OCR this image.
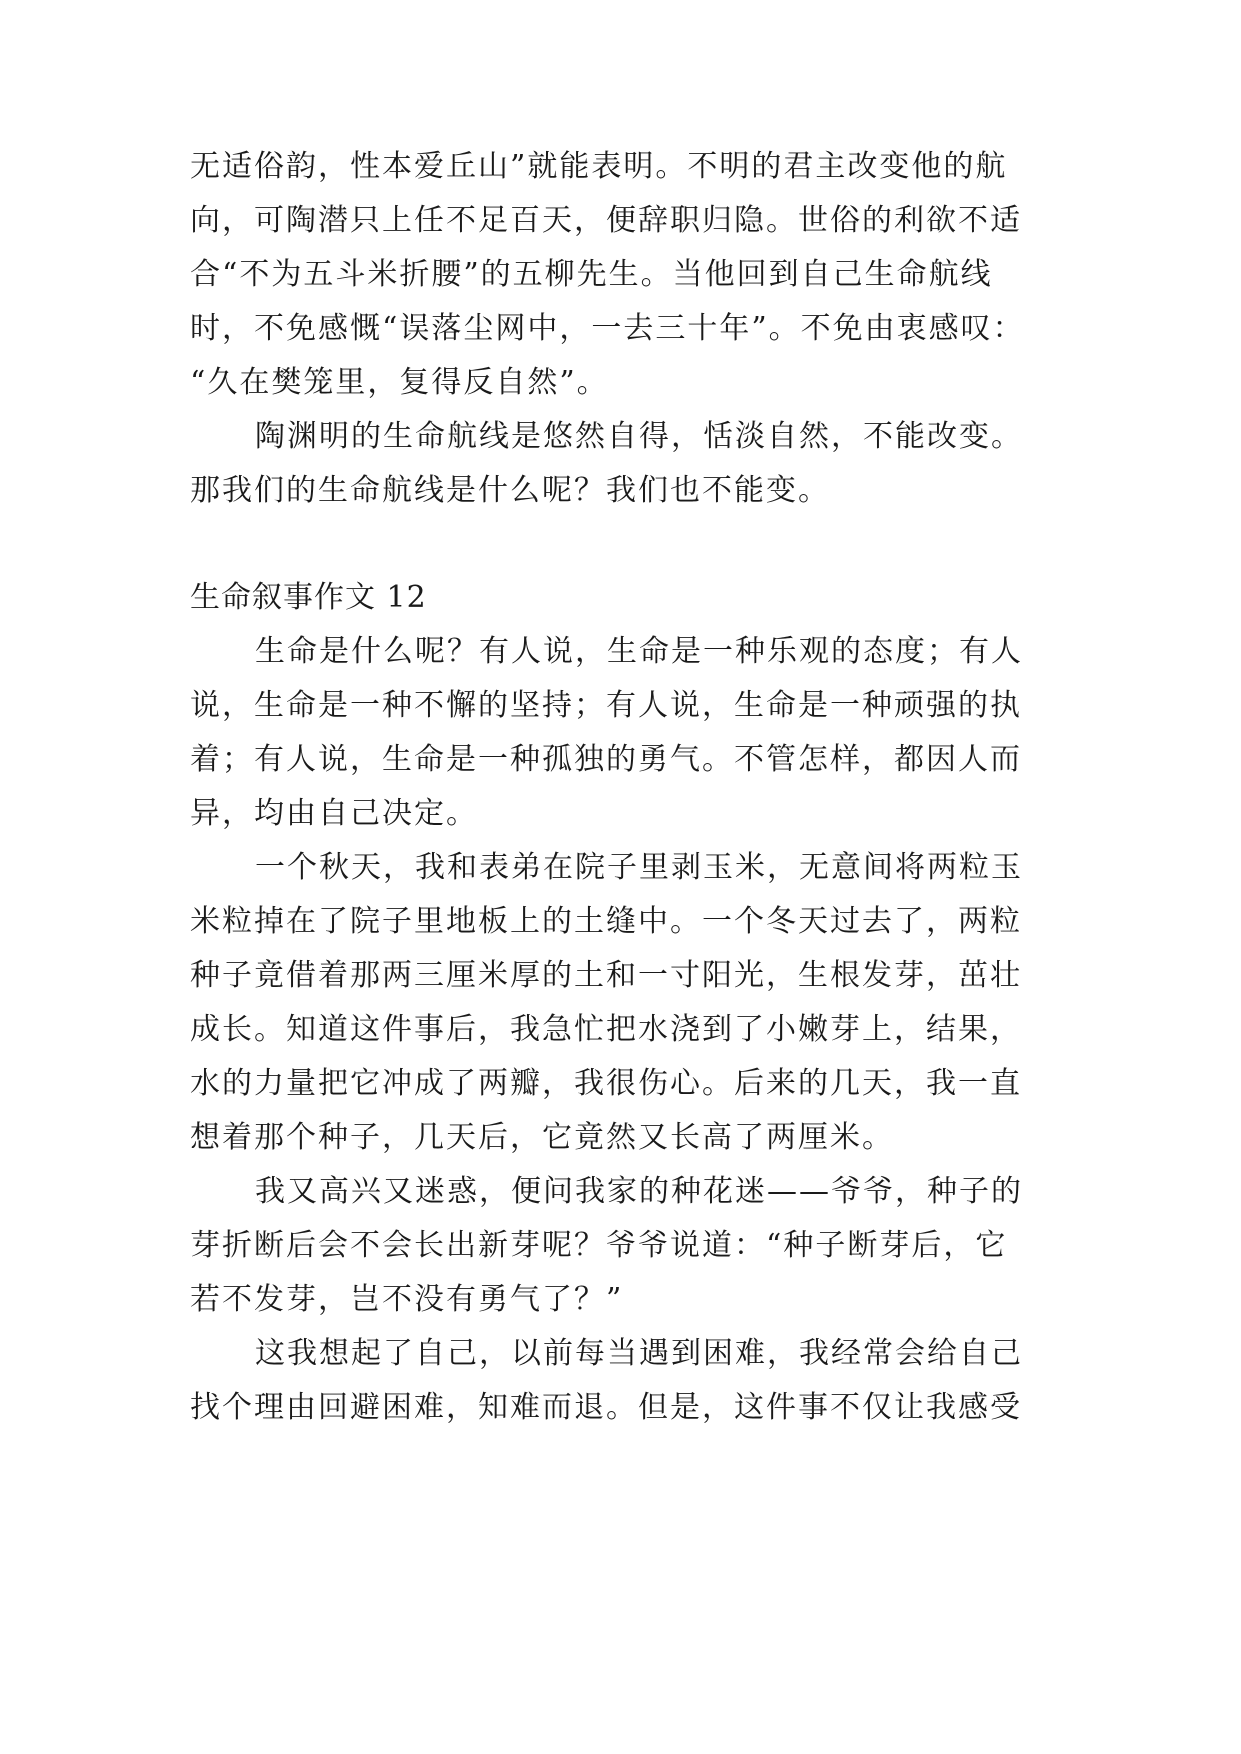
无适俗韵，性本爱丘山”就能表明。不明的君主改变他的航
向，可陶潜只上任不足百天，便辞职归隐。世俗的利欲不适
合“不为五斗米折腰”的五柳先生。当他回到自己生命航线
时，不免感慨“误落尘网中，一去三十年”。不免由衷感叹：
“久在樊笼里，复得反自然”。
陶渊明的生命航线是悠然自得，恬淡自然，不能改变。
那我们的生命航线是什么呢？我们也不能变。
生命叙事作文 12
生命是什么呢？有人说，生命是一种乐观的态度；有人
说，生命是一种不懈的坚持；有人说，生命是一种顽强的执
着；有人说，生命是一种孤独的勇气。不管怎样，都因人而
异，均由自己决定。
一个秋天，我和表弟在院子里剥玉米，无意间将两粒玉
米粒掉在了院子里地板上的土缝中。一个冬天过去了，两粒
种子竟借着那两三厘米厚的土和一寸阳光，生根发芽，茁壮
成长。知道这件事后，我急忙把水浇到了小嫩芽上，结果，
水的力量把它冲成了两瓣，我很伤心。后来的几天，我一直
想着那个种子，几天后，它竟然又长高了两厘米。
我又高兴又迷惑，便问我家的种花迷——爷爷，种子的
芽折断后会不会长出新芽呢？爷爷说道：“种子断芽后，它
若不发芽，岂不没有勇气了？”
这我想起了自己，以前每当遇到困难，我经常会给自己
找个理由回避困难，知难而退。但是，这件事不仅让我感受
